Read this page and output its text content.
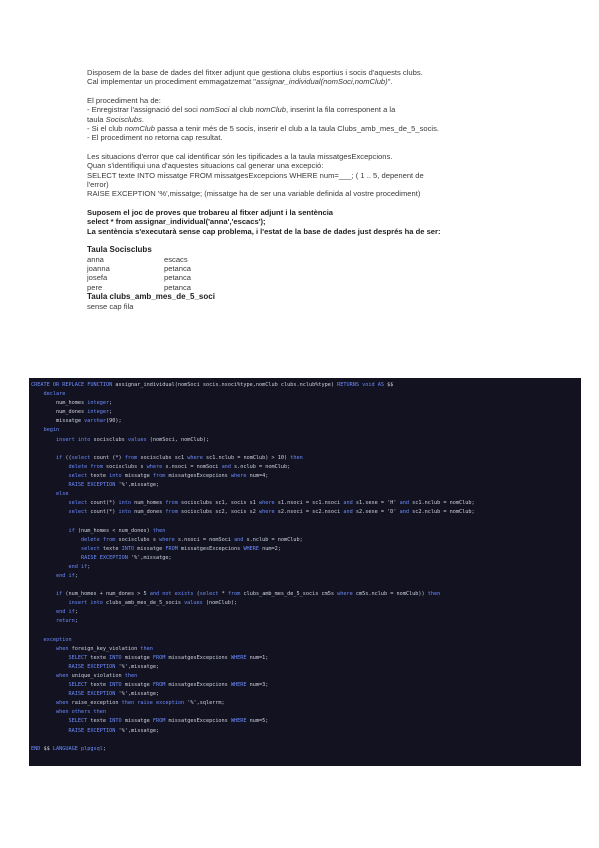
Disposem de la base de dades del fitxer adjunt que gestiona clubs esportius i socis d'aquests clubs.

Cal implementar un procediment emmagatzemat "assignar_individual(nomSoci,nomClub)".

El procediment ha de:

- Enregistrar l'assignació del soci nomSoci al club nomClub, inserint la fila corresponent a la

taula Socisclubs.

- Si el club nomClub passa a tenir més de 5 socis, inserir el club a la taula Clubs_amb_mes_de_5_socis.

- El procediment no retorna cap resultat.

Les situacions d'error que cal identificar són les tipificades a la taula missatgesExcepcions.

Quan s'identifiqui una d'aquestes situacions cal generar una excepció:

SELECT texte INTO missatge FROM missatgesExcepcions WHERE num=___; ( 1 .. 5, depenent de

l'error)

RAISE EXCEPTION '%',missatge; (missatge ha de ser una variable definida al vostre procediment)

Suposem el joc de proves que trobareu al fitxer adjunt i la sentència

select * from assignar_individual('anna','escacs');

La sentència s'executarà sense cap problema, i l'estat de la base de dades just després ha de ser:

Taula Socisclubs

anna	escacs
joanna	petanca
josefa	petanca
pere	petanca

Taula clubs_amb_mes_de_5_soci

sense cap fila

CREATE OR REPLACE FUNCTION assignar_individual(nomSoci socis.nsoci%type,nomClub clubs.nclub%type) RETURNS void AS $$
declare
num_homes integer;
num_dones integer;
missatge varchar(90);
begin
insert into socisclubs values (nomSoci, nomClub);
if ((select count (*) from socisclubs sc1 where sc1.nclub = nomClub) > 10) then
delete from socisclubs s where s.nsoci = nomSoci and s.nclub = nomClub;
select texte into missatge from missatgesExcepcions where num=4;
RAISE EXCEPTION '%',missatge;
else
select count(*) into num_homes from socisclubs sc1, socis s1 where s1.nsoci = sc1.nsoci and s1.sexe = 'H' and sc1.nclub = nomClub;
select count(*) into num_dones from socisclubs sc2, socis s2 where s2.nsoci = sc2.nsoci and s2.sexe = 'D' and sc2.nclub = nomClub;
if (num_homes < num_dones) then
delete from socisclubs s where s.nsoci = nomSoci and s.nclub = nomClub;
select texte INTO missatge FROM missatgesExcepcions WHERE num=2;
RAISE EXCEPTION '%',missatge;
end if;
end if;
if (num_homes + num_dones > 5 and not exists (select * from clubs_amb_mes_de_5_socis cm5s where cm5s.nclub = nomClub)) then
insert into clubs_amb_mes_de_5_socis values (nomClub);
end if;
return;
exception
when foreign_key_violation then
SELECT texte INTO missatge FROM missatgesExcepcions WHERE num=1;
RAISE EXCEPTION '%',missatge;
when unique_violation then
SELECT texte INTO missatge FROM missatgesExcepcions WHERE num=3;
RAISE EXCEPTION '%',missatge;
when raise_exception then raise exception '%',sqlerrm;
when others then
SELECT texte INTO missatge FROM missatgesExcepcions WHERE num=5;
RAISE EXCEPTION '%',missatge;
END $$ LANGUAGE plpgsql;
